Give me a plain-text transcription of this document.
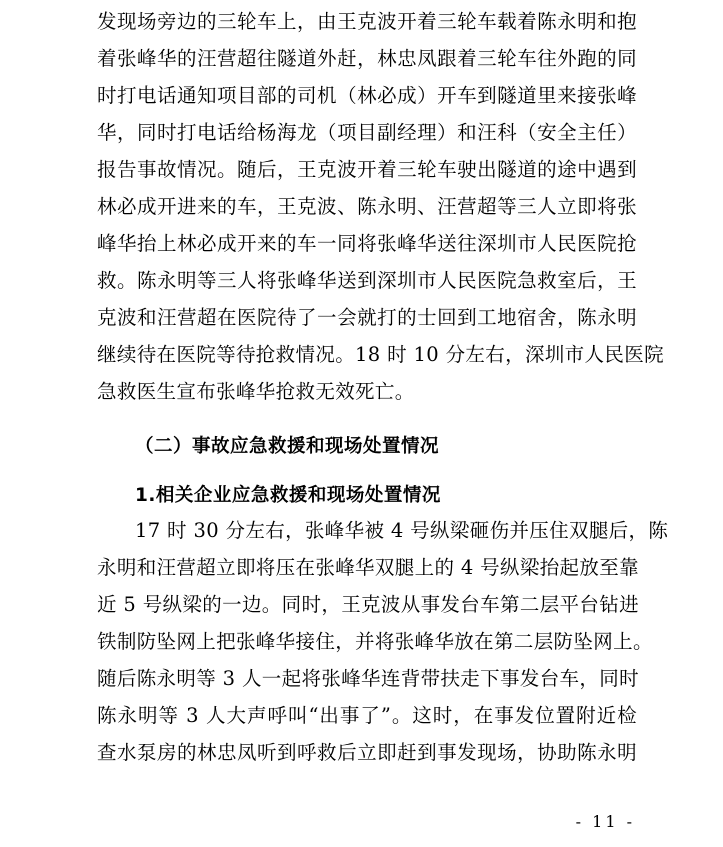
发现场旁边的三轮车上，由王克波开着三轮车载着陈永明和抱
着张峰华的汪营超往隧道外赶，林忠凤跟着三轮车往外跑的同
时打电话通知项目部的司机（林必成）开车到隧道里来接张峰
华，同时打电话给杨海龙（项目副经理）和汪科（安全主任）
报告事故情况。随后，王克波开着三轮车驶出隧道的途中遇到
林必成开进来的车，王克波、陈永明、汪营超等三人立即将张
峰华抬上林必成开来的车一同将张峰华送往深圳市人民医院抢
救。陈永明等三人将张峰华送到深圳市人民医院急救室后，王
克波和汪营超在医院待了一会就打的士回到工地宿舍，陈永明
继续待在医院等待抢救情况。18 时 10 分左右，深圳市人民医院
急救医生宣布张峰华抢救无效死亡。
（二）事故应急救援和现场处置情况
1.相关企业应急救援和现场处置情况
17 时 30 分左右，张峰华被 4 号纵梁砸伤并压住双腿后，陈
永明和汪营超立即将压在张峰华双腿上的 4 号纵梁抬起放至靠
近 5 号纵梁的一边。同时，王克波从事发台车第二层平台钻进
铁制防坠网上把张峰华接住，并将张峰华放在第二层防坠网上。
随后陈永明等 3 人一起将张峰华连背带扶走下事发台车，同时
陈永明等 3 人大声呼叫“出事了”。这时，在事发位置附近检
查水泵房的林忠凤听到呼救后立即赶到事发现场，协助陈永明
- 11 -
